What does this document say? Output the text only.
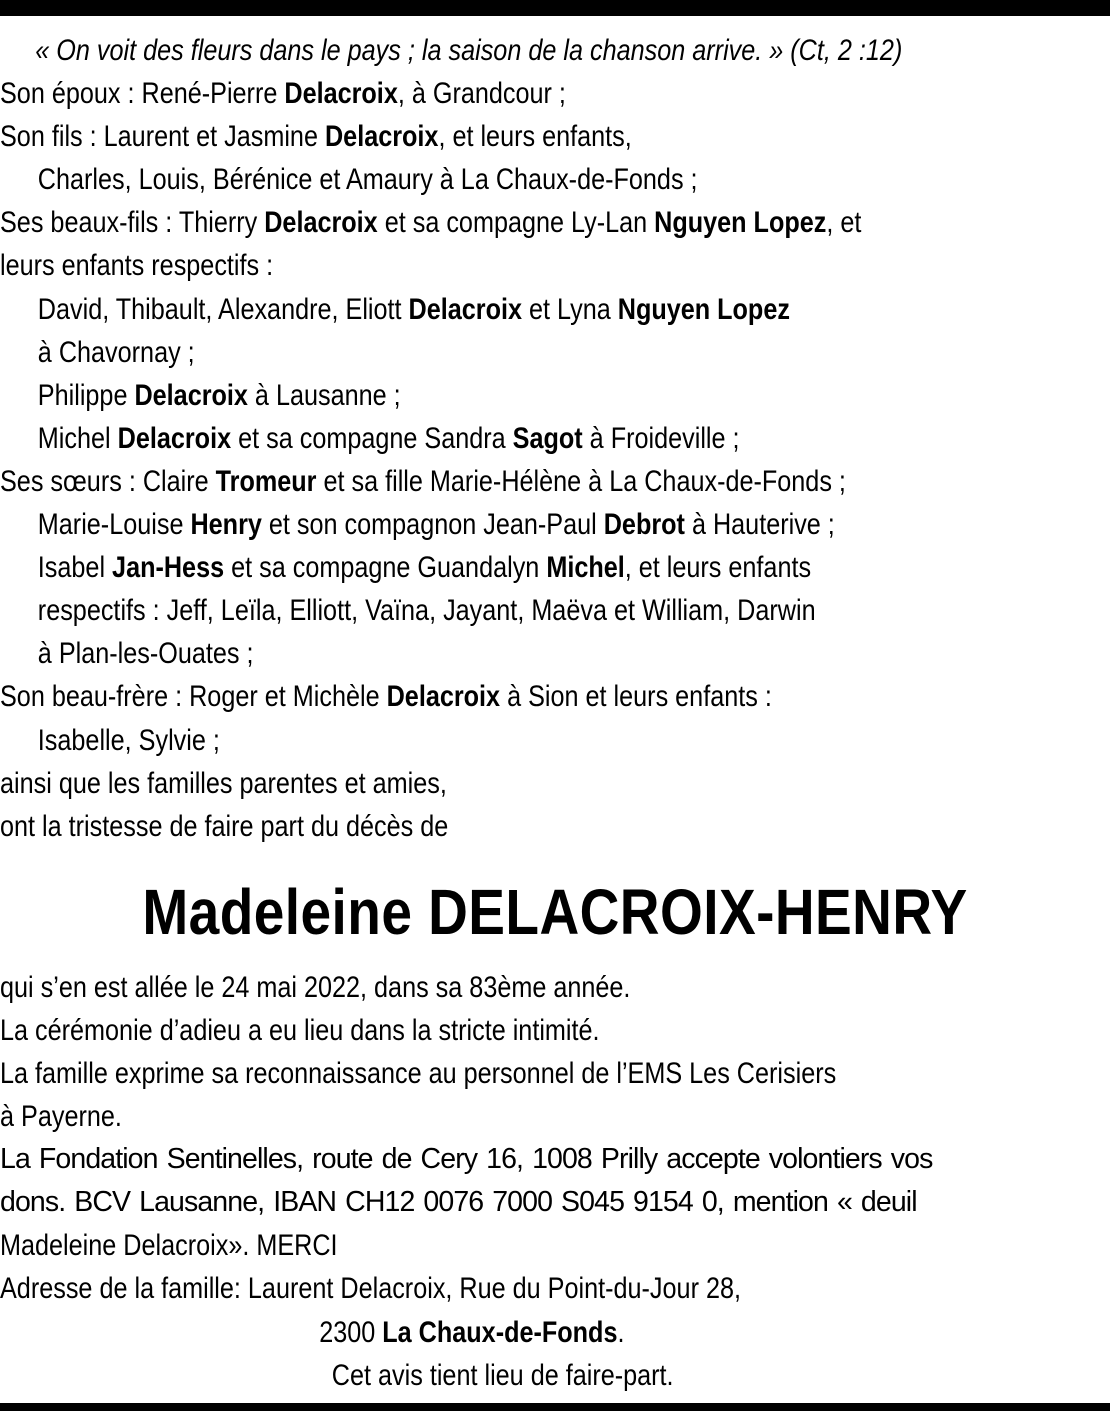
« On voit des fleurs dans le pays ; la saison de la chanson arrive. » (Ct, 2 :12)
Son époux : René-Pierre Delacroix, à Grandcour ;
Son fils : Laurent et Jasmine Delacroix, et leurs enfants,
Charles, Louis, Bérénice et Amaury à La Chaux-de-Fonds ;
Ses beaux-fils : Thierry Delacroix et sa compagne Ly-Lan Nguyen Lopez, et
leurs enfants respectifs :
David, Thibault, Alexandre, Eliott Delacroix et Lyna Nguyen Lopez
à Chavornay ;
Philippe Delacroix à Lausanne ;
Michel Delacroix et sa compagne Sandra Sagot à Froideville ;
Ses sœurs : Claire Tromeur et sa fille Marie-Hélène à La Chaux-de-Fonds ;
Marie-Louise Henry et son compagnon Jean-Paul Debrot à Hauterive ;
Isabel Jan-Hess et sa compagne Guandalyn Michel, et leurs enfants
respectifs : Jeff, Leïla, Elliott, Vaïna, Jayant, Maëva et William, Darwin
à Plan-les-Ouates ;
Son beau-frère : Roger et Michèle Delacroix à Sion et leurs enfants :
Isabelle, Sylvie ;
ainsi que les familles parentes et amies,
ont la tristesse de faire part du décès de
Madeleine DELACROIX-HENRY
qui s’en est allée le 24 mai 2022, dans sa 83ème année.
La cérémonie d’adieu a eu lieu dans la stricte intimité.
La famille exprime sa reconnaissance au personnel de l’EMS Les Cerisiers
à Payerne.
La Fondation Sentinelles, route de Cery 16, 1008 Prilly accepte volontiers vos
dons. BCV Lausanne, IBAN CH12 0076 7000 S045 9154 0, mention « deuil
Madeleine Delacroix». MERCI
Adresse de la famille: Laurent Delacroix, Rue du Point-du-Jour 28,
2300 La Chaux-de-Fonds.
Cet avis tient lieu de faire-part.
